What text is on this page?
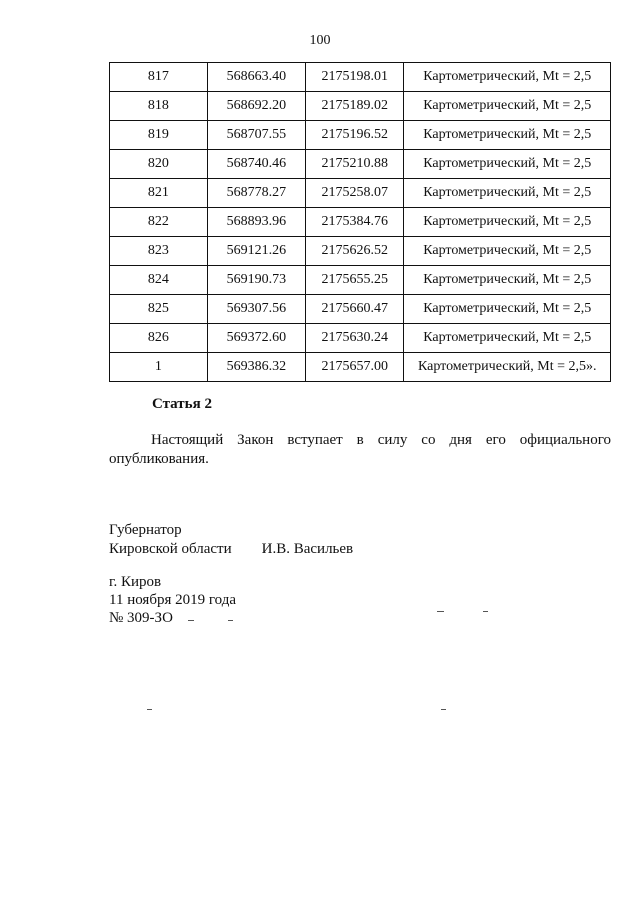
100
817	568663.40	2175198.01	Картометрический, Mt = 2,5
818	568692.20	2175189.02	Картометрический, Mt = 2,5
819	568707.55	2175196.52	Картометрический, Mt = 2,5
820	568740.46	2175210.88	Картометрический, Mt = 2,5
821	568778.27	2175258.07	Картометрический, Mt = 2,5
822	568893.96	2175384.76	Картометрический, Mt = 2,5
823	569121.26	2175626.52	Картометрический, Mt = 2,5
824	569190.73	2175655.25	Картометрический, Mt = 2,5
825	569307.56	2175660.47	Картометрический, Mt = 2,5
826	569372.60	2175630.24	Картометрический, Mt = 2,5
1	569386.32	2175657.00	Картометрический, Mt = 2,5».
Статья 2
Настоящий Закон вступает в силу со дня его официального опубликования.
Губернатор
Кировской области И.В. Васильев
г. Киров
11 ноября 2019 года
№ 309-ЗО
